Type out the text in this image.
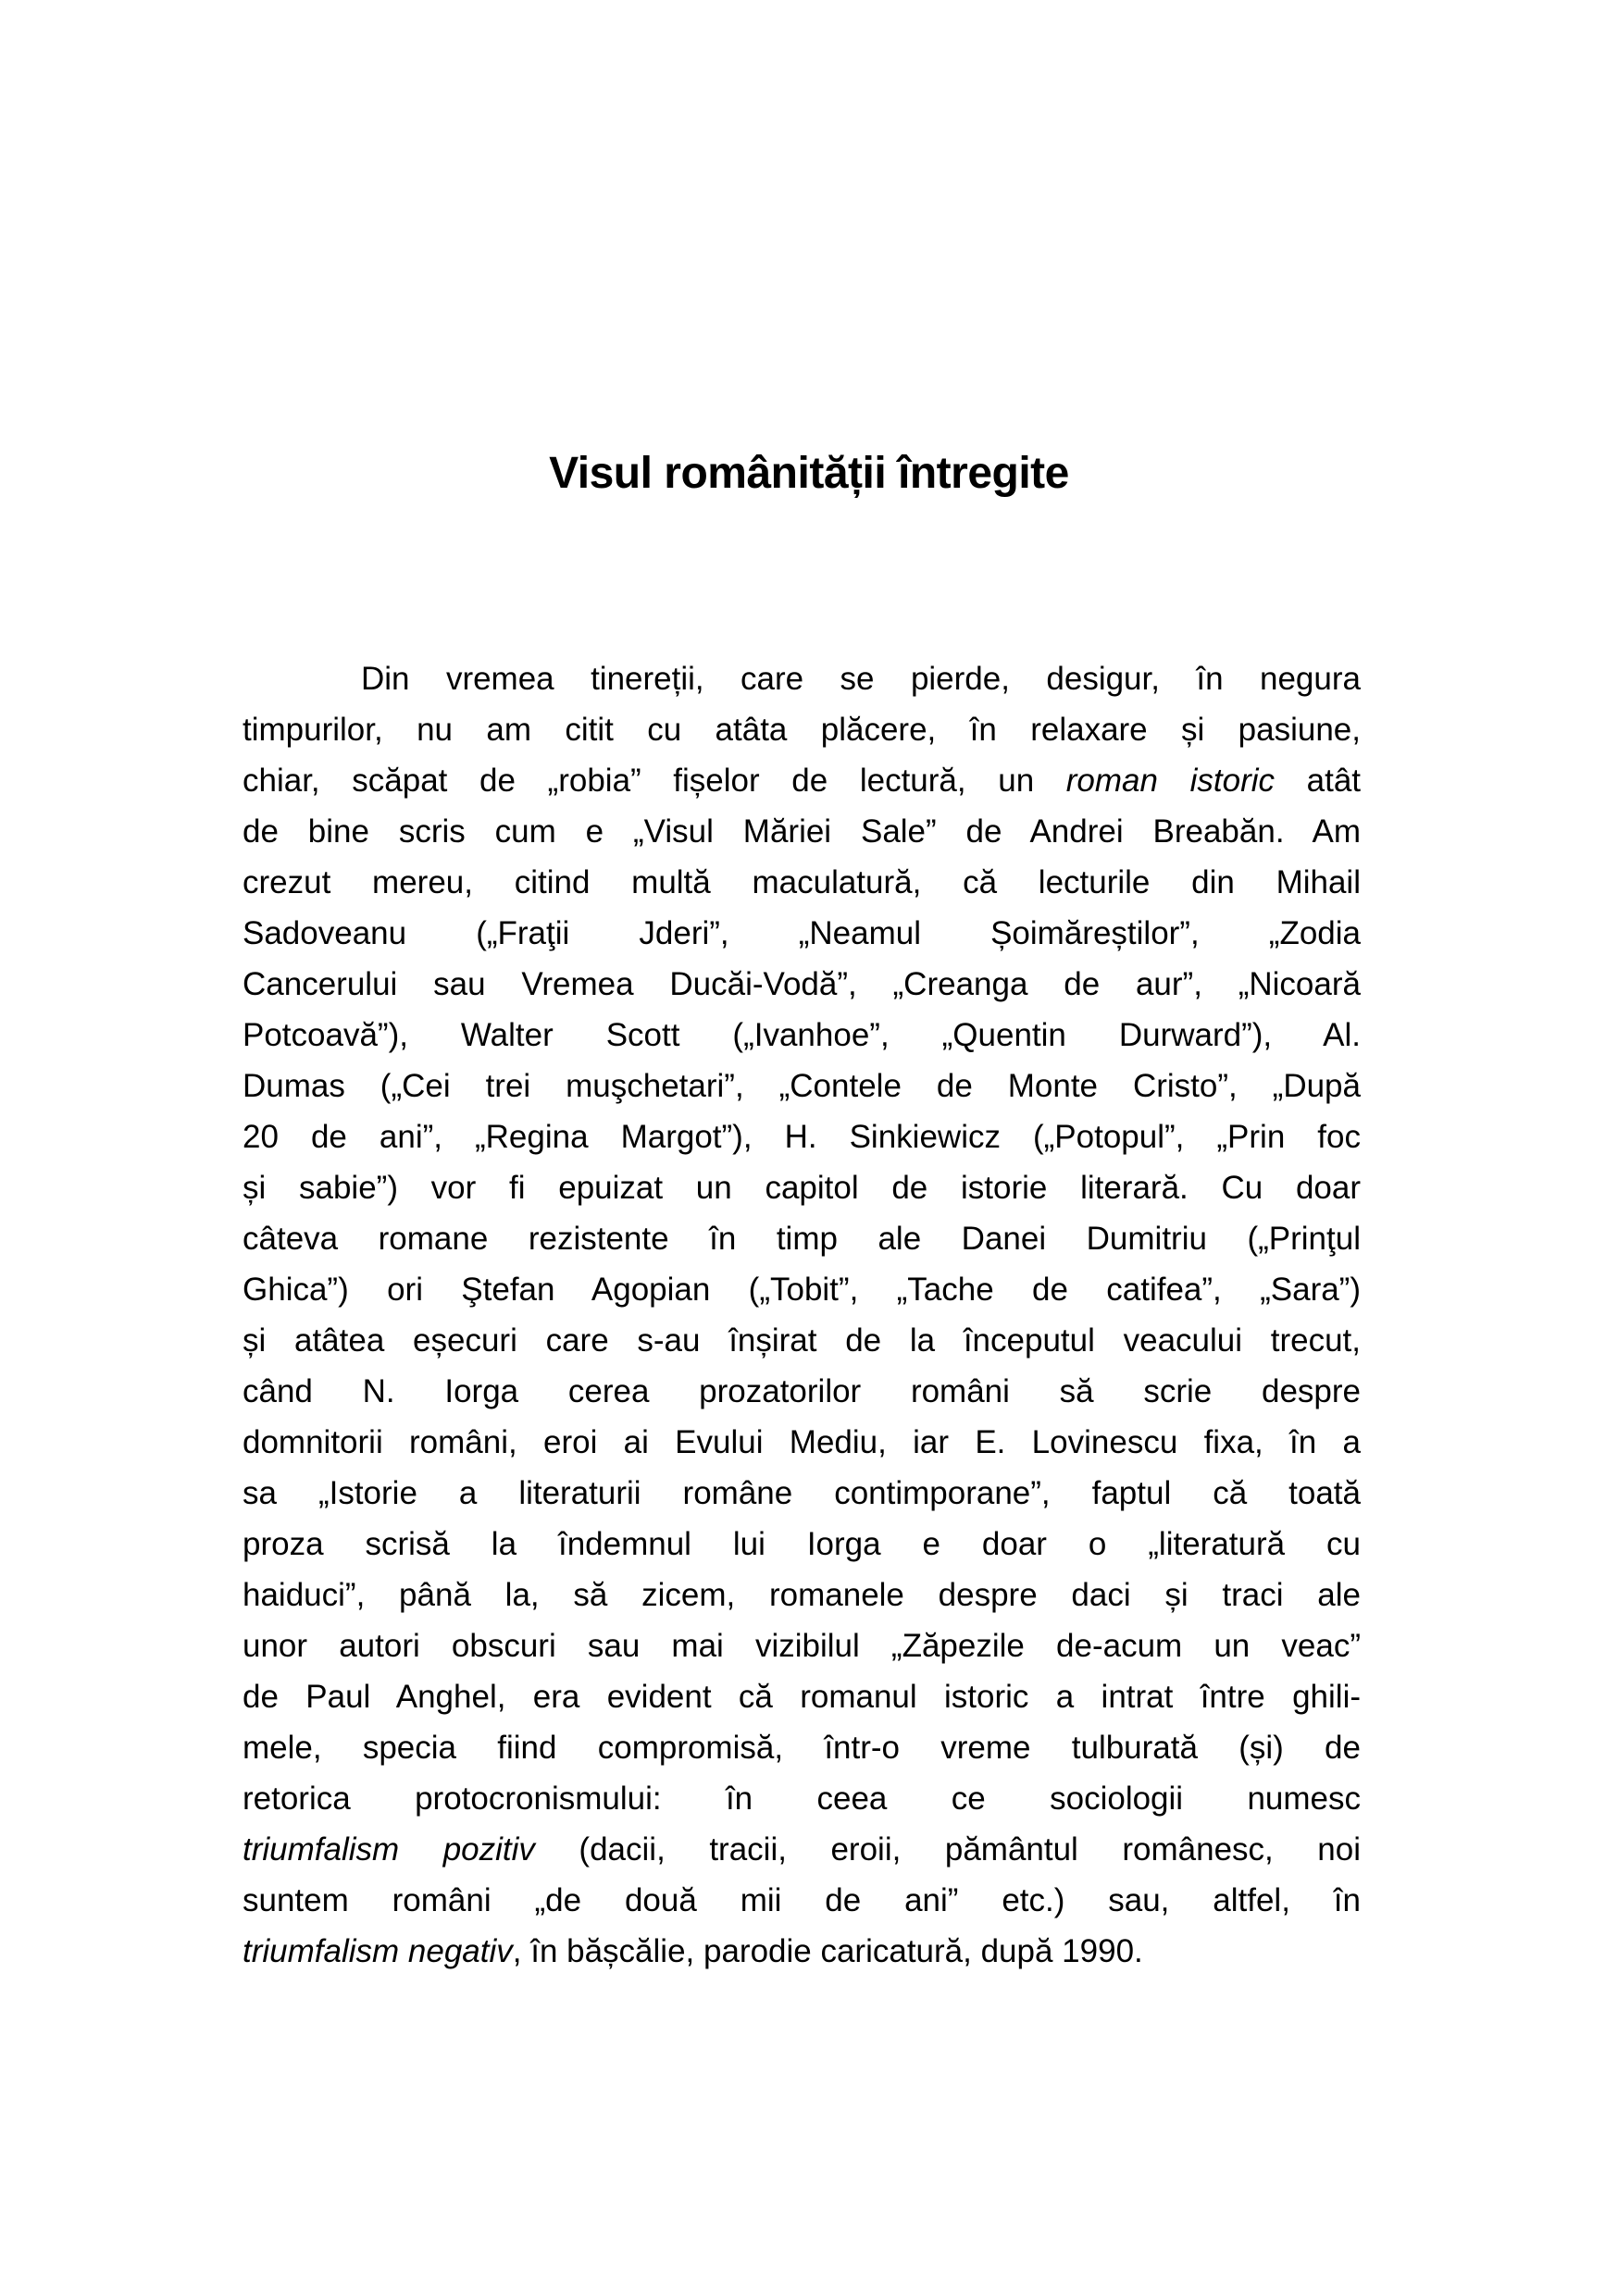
Visul românității întregite
Din vremea tinereții, care se pierde, desigur, în negura
timpurilor, nu am citit cu atâta plăcere, în relaxare și pasiune,
chiar, scăpat de „robia” fișelor de lectură, un roman istoric atât
de bine scris cum e „Visul Măriei Sale” de Andrei Breabăn. Am
crezut mereu, citind multă maculatură, că lecturile din Mihail
Sadoveanu („Fraţii Jderi”, „Neamul Șoimăreștilor”, „Zodia
Cancerului sau Vremea Ducăi-Vodă”, „Creanga de aur”, „Nicoară
Potcoavă”), Walter Scott („Ivanhoe”, „Quentin Durward”), Al.
Dumas („Cei trei muşchetari”, „Contele de Monte Cristo”, „După
20 de ani”, „Regina Margot”), H. Sinkiewicz („Potopul”, „Prin foc
și sabie”) vor fi epuizat un capitol de istorie literară. Cu doar
câteva romane rezistente în timp ale Danei Dumitriu („Prinţul
Ghica”) ori Ştefan Agopian („Tobit”, „Tache de catifea”, „Sara”)
și atâtea eșecuri care s-au înșirat de la începutul veacului trecut,
când N. Iorga cerea prozatorilor români să scrie despre
domnitorii români, eroi ai Evului Mediu, iar E. Lovinescu fixa, în a
sa „Istorie a literaturii române contimporane”, faptul că toată
proza scrisă la îndemnul lui Iorga e doar o „literatură cu
haiduci”, până la, să zicem, romanele despre daci și traci ale
unor autori obscuri sau mai vizibilul „Zăpezile de-acum un veac”
de Paul Anghel, era evident că romanul istoric a intrat între ghili-
mele, specia fiind compromisă, într-o vreme tulburată (și) de
retorica protocronismului: în ceea ce sociologii numesc
triumfalism pozitiv (dacii, tracii, eroii, pământul românesc, noi
suntem români „de două mii de ani” etc.) sau, altfel, în
triumfalism negativ, în bășcălie, parodie caricatură, după 1990.
